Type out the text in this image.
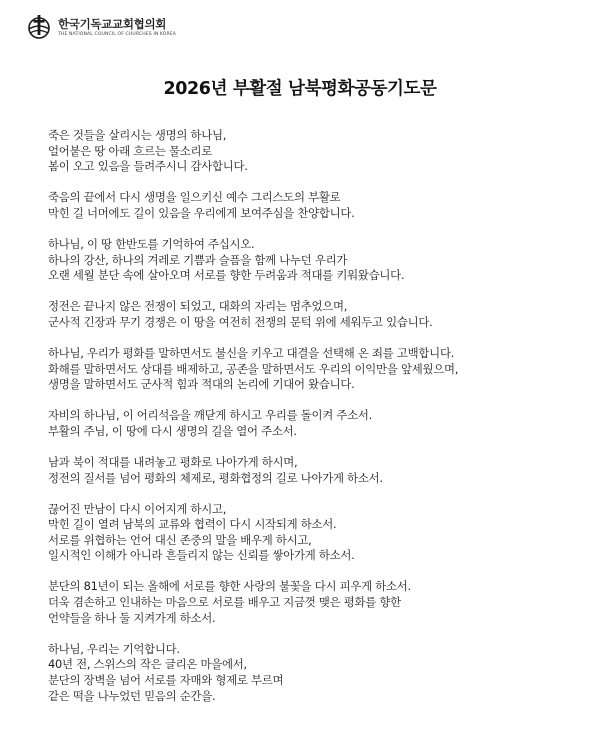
한국기독교교회협의회
THE NATIONAL COUNCIL OF CHURCHES IN KOREA
2026년 부활절 남북평화공동기도문

죽은 것들을 살리시는 생명의 하나님,
얼어붙은 땅 아래 흐르는 물소리로
봄이 오고 있음을 들려주시니 감사합니다.

죽음의 끝에서 다시 생명을 일으키신 예수 그리스도의 부활로
막힌 길 너머에도 길이 있음을 우리에게 보여주심을 찬양합니다.

하나님, 이 땅 한반도를 기억하여 주십시오.
하나의 강산, 하나의 겨레로 기쁨과 슬픔을 함께 나누던 우리가
오랜 세월 분단 속에 살아오며 서로를 향한 두려움과 적대를 키워왔습니다.

정전은 끝나지 않은 전쟁이 되었고, 대화의 자리는 멈추었으며,
군사적 긴장과 무기 경쟁은 이 땅을 여전히 전쟁의 문턱 위에 세워두고 있습니다.

하나님, 우리가 평화를 말하면서도 불신을 키우고 대결을 선택해 온 죄를 고백합니다.
화해를 말하면서도 상대를 배제하고, 공존을 말하면서도 우리의 이익만을 앞세웠으며,
생명을 말하면서도 군사적 힘과 적대의 논리에 기대어 왔습니다.

자비의 하나님, 이 어리석음을 깨닫게 하시고 우리를 돌이켜 주소서.
부활의 주님, 이 땅에 다시 생명의 길을 열어 주소서.

남과 북이 적대를 내려놓고 평화로 나아가게 하시며,
정전의 질서를 넘어 평화의 체제로, 평화협정의 길로 나아가게 하소서.

끊어진 만남이 다시 이어지게 하시고,
막힌 길이 열려 남북의 교류와 협력이 다시 시작되게 하소서.
서로를 위협하는 언어 대신 존중의 말을 배우게 하시고,
일시적인 이해가 아니라 흔들리지 않는 신뢰를 쌓아가게 하소서.

분단의 81년이 되는 올해에 서로를 향한 사랑의 불꽃을 다시 피우게 하소서.
더욱 겸손하고 인내하는 마음으로 서로를 배우고 지금껏 맺은 평화를 향한
언약들을 하나 둘 지켜가게 하소서.

하나님, 우리는 기억합니다.
40년 전, 스위스의 작은 글리온 마을에서,
분단의 장벽을 넘어 서로를 자매와 형제로 부르며
같은 떡을 나누었던 믿음의 순간을.
